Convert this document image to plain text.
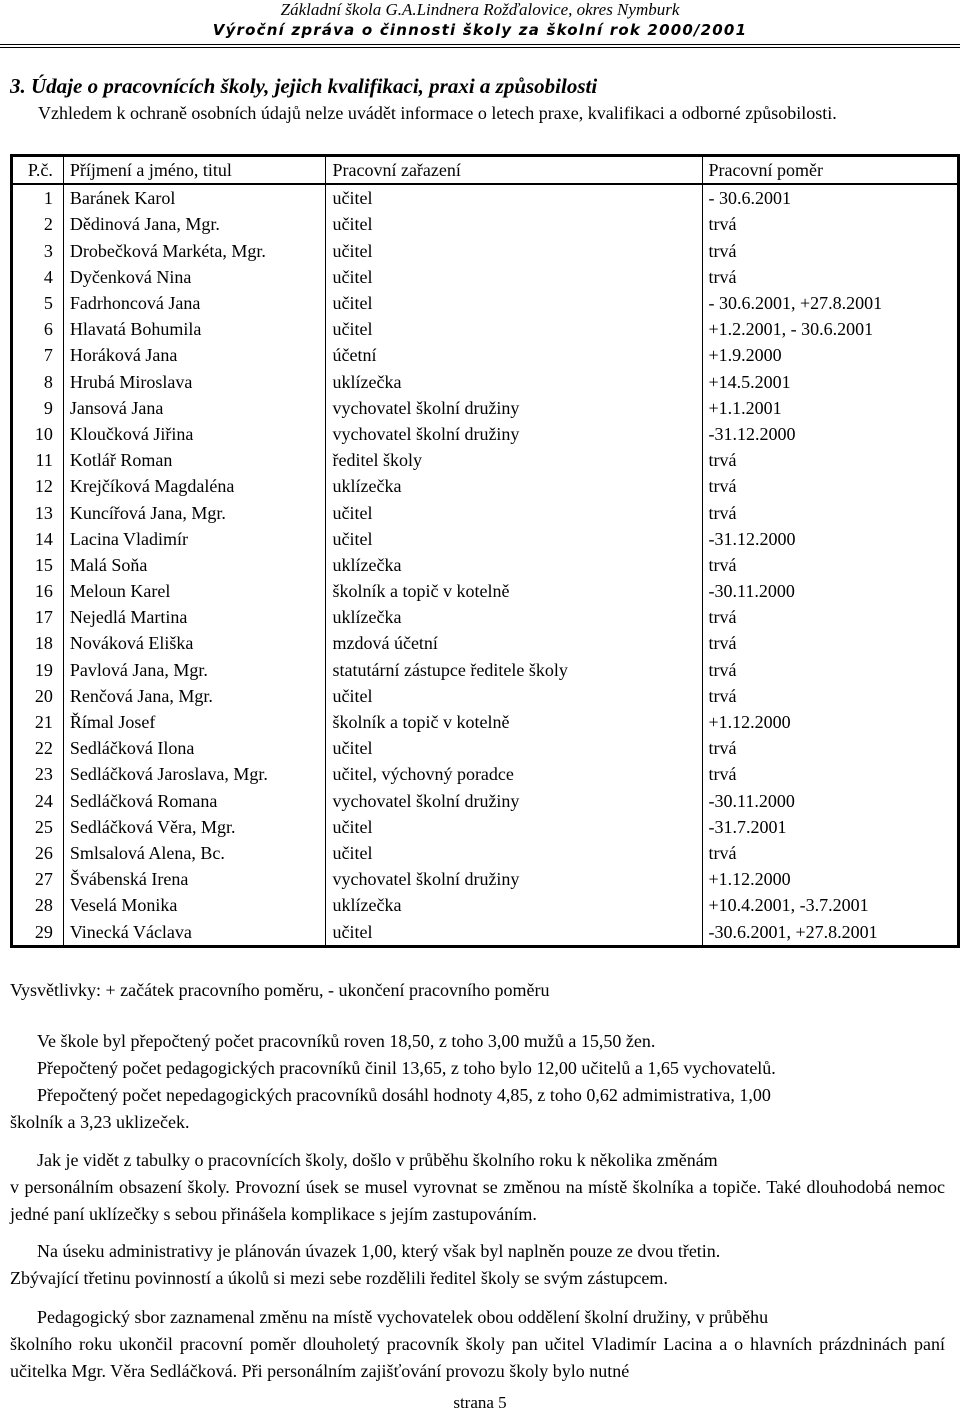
Základní škola G.A.Lindnera Rožďalovice, okres Nymburk
Výroční zpráva o činnosti školy za školní rok 2000/2001
3. Údaje o pracovnících školy, jejich kvalifikaci, praxi a způsobilosti
Vzhledem k ochraně osobních údajů nelze uvádět informace o letech praxe, kvalifikaci a odborné způsobilosti.
P.č.	Příjmení a jméno, titul	Pracovní zařazení	Pracovní poměr
1	Baránek Karol	učitel	- 30.6.2001
2	Dědinová Jana, Mgr.	učitel	trvá
3	Drobečková Markéta, Mgr.	učitel	trvá
4	Dyčenková Nina	učitel	trvá
5	Fadrhoncová Jana	učitel	- 30.6.2001, +27.8.2001
6	Hlavatá Bohumila	učitel	+1.2.2001, - 30.6.2001
7	Horáková Jana	účetní	+1.9.2000
8	Hrubá Miroslava	uklízečka	+14.5.2001
9	Jansová Jana	vychovatel školní družiny	+1.1.2001
10	Kloučková Jiřina	vychovatel školní družiny	-31.12.2000
11	Kotlář Roman	ředitel školy	trvá
12	Krejčíková Magdaléna	uklízečka	trvá
13	Kuncířová Jana, Mgr.	učitel	trvá
14	Lacina Vladimír	učitel	-31.12.2000
15	Malá Soňa	uklízečka	trvá
16	Meloun Karel	školník a topič v kotelně	-30.11.2000
17	Nejedlá Martina	uklízečka	trvá
18	Nováková Eliška	mzdová účetní	trvá
19	Pavlová Jana, Mgr.	statutární zástupce ředitele školy	trvá
20	Renčová Jana, Mgr.	učitel	trvá
21	Římal Josef	školník a topič v kotelně	+1.12.2000
22	Sedláčková Ilona	učitel	trvá
23	Sedláčková Jaroslava, Mgr.	učitel, výchovný poradce	trvá
24	Sedláčková Romana	vychovatel školní družiny	-30.11.2000
25	Sedláčková Věra, Mgr.	učitel	-31.7.2001
26	Smlsalová Alena, Bc.	učitel	trvá
27	Švábenská Irena	vychovatel školní družiny	+1.12.2000
28	Veselá Monika	uklízečka	+10.4.2001, -3.7.2001
29	Vinecká Václava	učitel	-30.6.2001, +27.8.2001
Vysvětlivky: + začátek pracovního poměru, - ukončení pracovního poměru
Ve škole byl přepočtený počet pracovníků roven 18,50, z toho 3,00 mužů a 15,50 žen.
Přepočtený počet pedagogických pracovníků činil 13,65, z toho bylo 12,00 učitelů a 1,65 vychovatelů.
Přepočtený počet nepedagogických pracovníků dosáhl hodnoty 4,85, z toho 0,62 admimistrativa, 1,00
školník a 3,23 uklizeček.
Jak je vidět z tabulky o pracovnících školy, došlo v průběhu školního roku k několika změnám
v personálním obsazení školy. Provozní úsek se musel vyrovnat se změnou na místě školníka a topiče. Také dlouhodobá nemoc jedné paní uklízečky s sebou přinášela komplikace s jejím zastupováním.
Na úseku administrativy je plánován úvazek 1,00, který však byl naplněn pouze ze dvou třetin.
Zbývající třetinu povinností a úkolů si mezi sebe rozdělili ředitel školy se svým zástupcem.
Pedagogický sbor zaznamenal změnu na místě vychovatelek obou oddělení školní družiny, v průběhu
školního roku ukončil pracovní poměr dlouholetý pracovník školy pan učitel Vladimír Lacina a o hlavních prázdninách paní učitelka Mgr. Věra Sedláčková. Při personálním zajišťování provozu školy bylo nutné
strana 5
